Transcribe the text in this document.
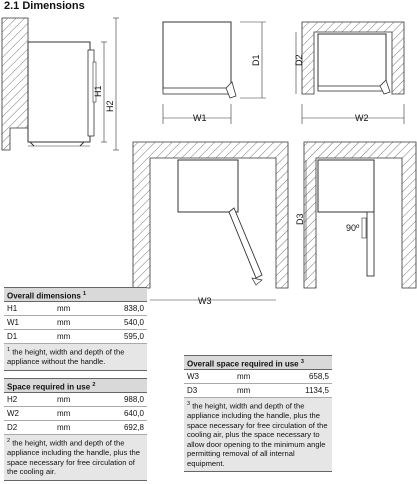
2.1 Dimensions
H1
H2
W1
D1
W2
D2
W3
D3
90º
Overall dimensions $^1$
H1	mm	838,0
W1	mm	540,0
D1	mm	595,0
$^1$ the height, width and depth of the appliance without the handle.
Space required in use $^2$
H2	mm	988,0
W2	mm	640,0
D2	mm	692,8
$^2$ the height, width and depth of the appliance including the handle, plus the space necessary for free circulation of the cooling air.
Overall space required in use $^3$
W3	mm	658,5
D3	mm	1134,5
$^3$ the height, width and depth of the appliance including the handle, plus the space necessary for free circulation of the cooling air, plus the space necessary to allow door opening to the minimum angle permitting removal of all internal equipment.
